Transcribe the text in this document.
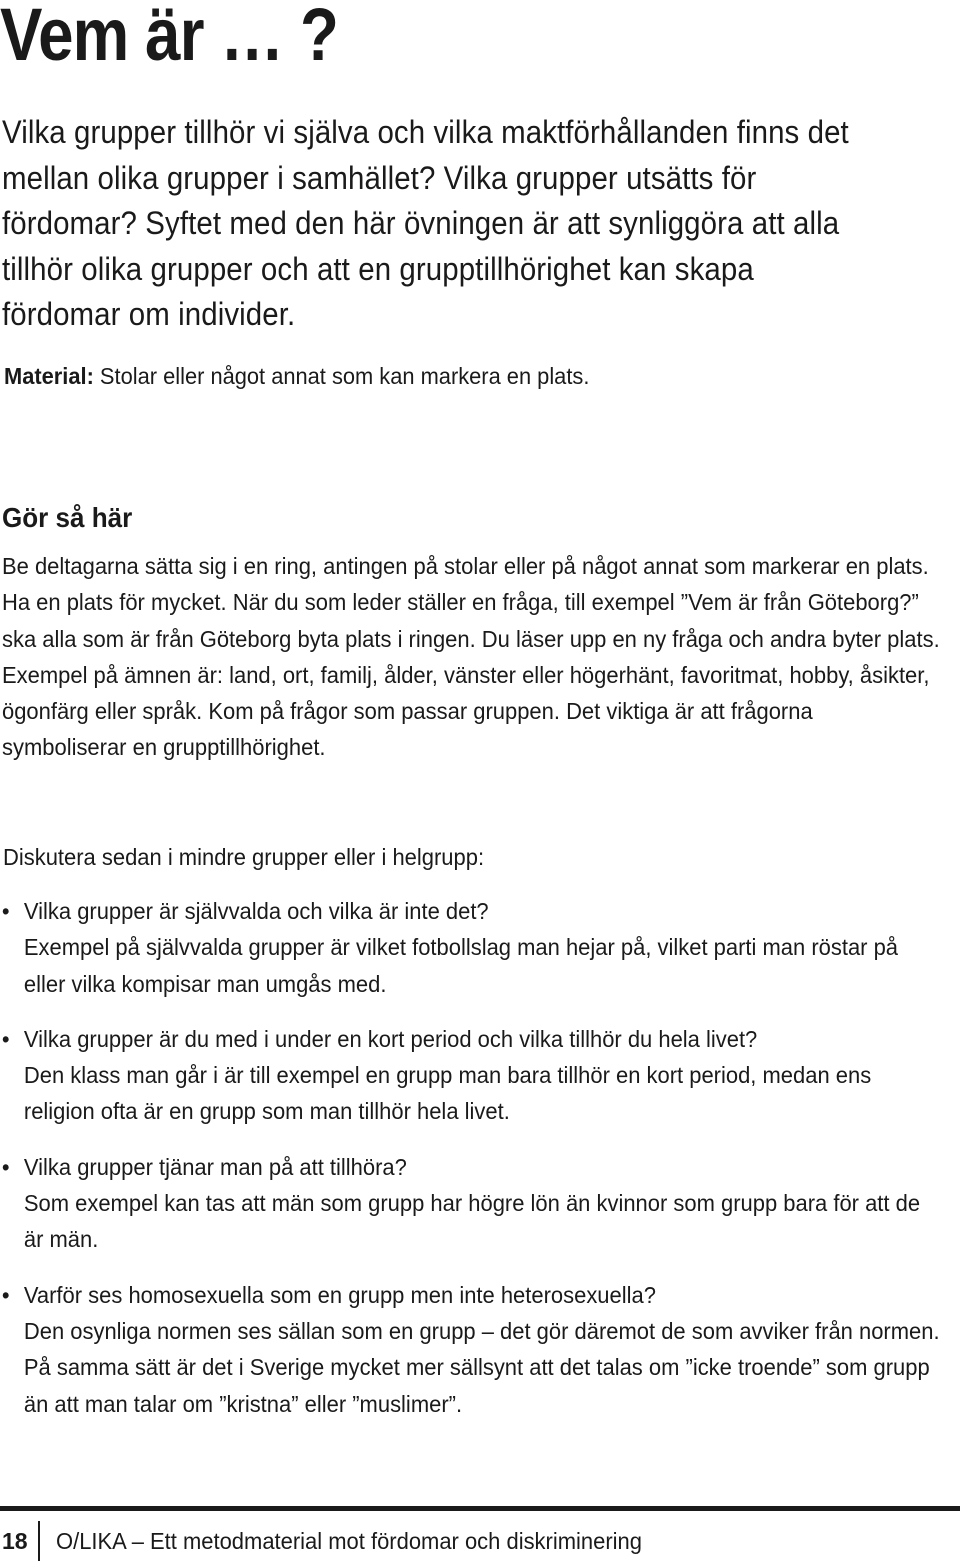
Vem är … ?

Vilka grupper tillhör vi själva och vilka maktförhållanden finns det mellan olika grupper i samhället? Vilka grupper utsätts för fördomar? Syftet med den här övningen är att synliggöra att alla tillhör olika grupper och att en grupptillhörighet kan skapa fördomar om individer.

Material: Stolar eller något annat som kan markera en plats.

Gör så här

Be deltagarna sätta sig i en ring, antingen på stolar eller på något annat som markerar en plats. Ha en plats för mycket. När du som leder ställer en fråga, till exempel ”Vem är från Göteborg?” ska alla som är från Göteborg byta plats i ringen. Du läser upp en ny fråga och andra byter plats. Exempel på ämnen är: land, ort, familj, ålder, vänster eller högerhänt, favoritmat, hobby, åsikter, ögonfärg eller språk. Kom på frågor som passar gruppen. Det viktiga är att frågorna symboliserar en grupptillhörighet.

Diskutera sedan i mindre grupper eller i helgrupp:

• Vilka grupper är självvalda och vilka är inte det?
Exempel på självvalda grupper är vilket fotbollslag man hejar på, vilket parti man röstar på eller vilka kompisar man umgås med.
• Vilka grupper är du med i under en kort period och vilka tillhör du hela livet?
Den klass man går i är till exempel en grupp man bara tillhör en kort period, medan ens religion ofta är en grupp som man tillhör hela livet.
• Vilka grupper tjänar man på att tillhöra?
Som exempel kan tas att män som grupp har högre lön än kvinnor som grupp bara för att de är män.
• Varför ses homosexuella som en grupp men inte heterosexuella?
Den osynliga normen ses sällan som en grupp – det gör däremot de som avviker från normen. På samma sätt är det i Sverige mycket mer sällsynt att det talas om ”icke troende” som grupp än att man talar om ”kristna” eller ”muslimer”.
18 O/LIKA – Ett metodmaterial mot fördomar och diskriminering
